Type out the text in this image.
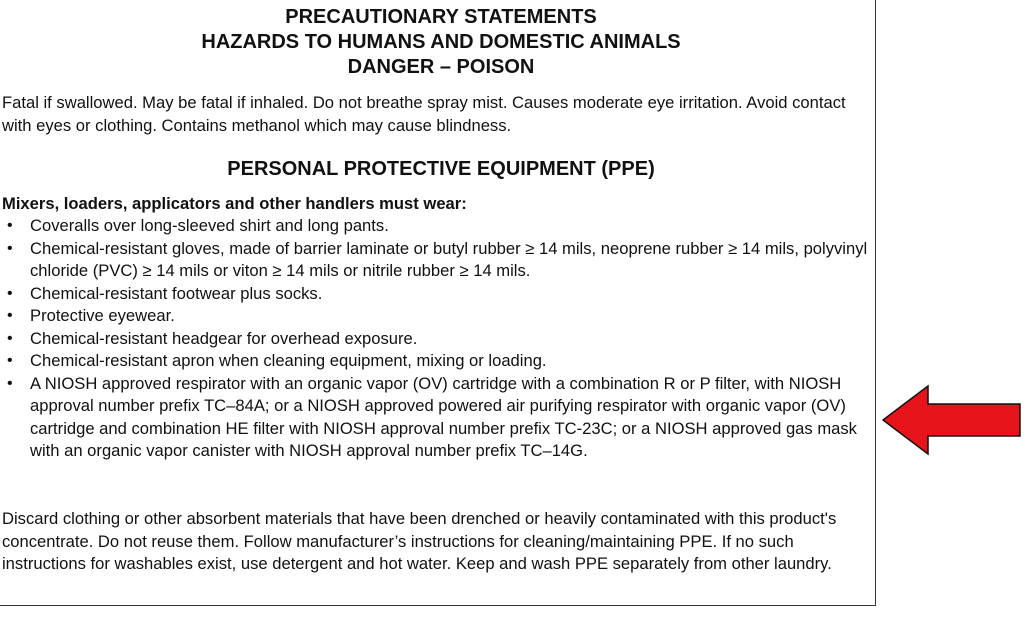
PRECAUTIONARY STATEMENTS
HAZARDS TO HUMANS AND DOMESTIC ANIMALS
DANGER – POISON

Fatal if swallowed. May be fatal if inhaled. Do not breathe spray mist. Causes moderate eye irritation. Avoid contact with eyes or clothing. Contains methanol which may cause blindness.

PERSONAL PROTECTIVE EQUIPMENT (PPE)

Mixers, loaders, applicators and other handlers must wear:

• Coveralls over long-sleeved shirt and long pants.
• Chemical-resistant gloves, made of barrier laminate or butyl rubber ≥ 14 mils, neoprene rubber ≥ 14 mils, polyvinyl chloride (PVC) ≥ 14 mils or viton ≥ 14 mils or nitrile rubber ≥ 14 mils.
• Chemical-resistant footwear plus socks.
• Protective eyewear.
• Chemical-resistant headgear for overhead exposure.
• Chemical-resistant apron when cleaning equipment, mixing or loading.
• A NIOSH approved respirator with an organic vapor (OV) cartridge with a combination R or P filter, with NIOSH approval number prefix TC–84A; or a NIOSH approved powered air purifying respirator with organic vapor (OV) cartridge and combination HE filter with NIOSH approval number prefix TC-23C; or a NIOSH approved gas mask with an organic vapor canister with NIOSH approval number prefix TC–14G.

Discard clothing or other absorbent materials that have been drenched or heavily contaminated with this product's concentrate. Do not reuse them. Follow manufacturer’s instructions for cleaning/maintaining PPE. If no such instructions for washables exist, use detergent and hot water. Keep and wash PPE separately from other laundry.
